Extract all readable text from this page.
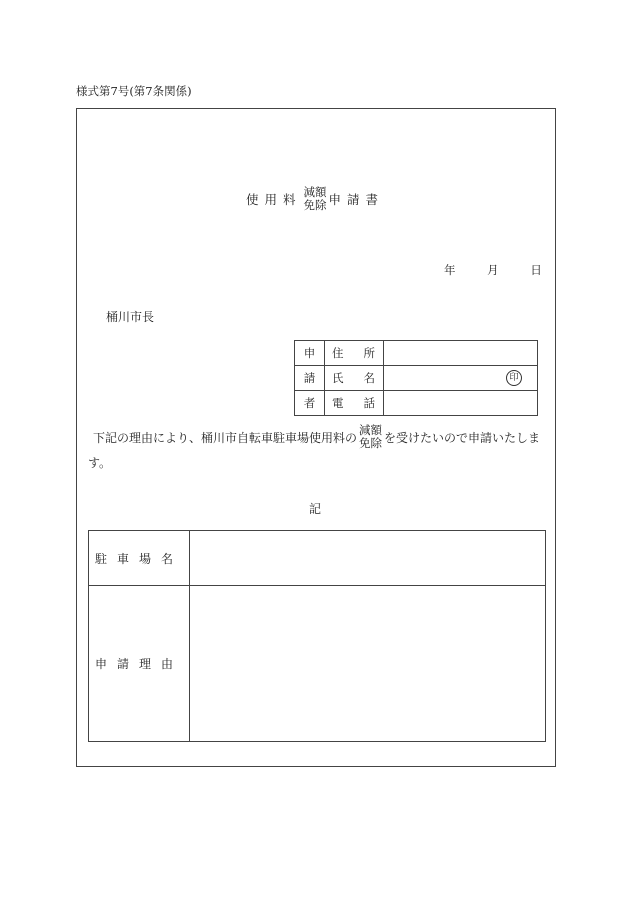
様式第7号(第7条関係)
使用料 減額
免除 申請書
年	月	日
桶川市長
申	住 所	

請	氏 名	印

者	電 話	

下記の理由により、桶川市自転車駐車場使用料の
減額
免除 を受けたいので申請いたしま
す。
記
駐車場名	
申請理由	
